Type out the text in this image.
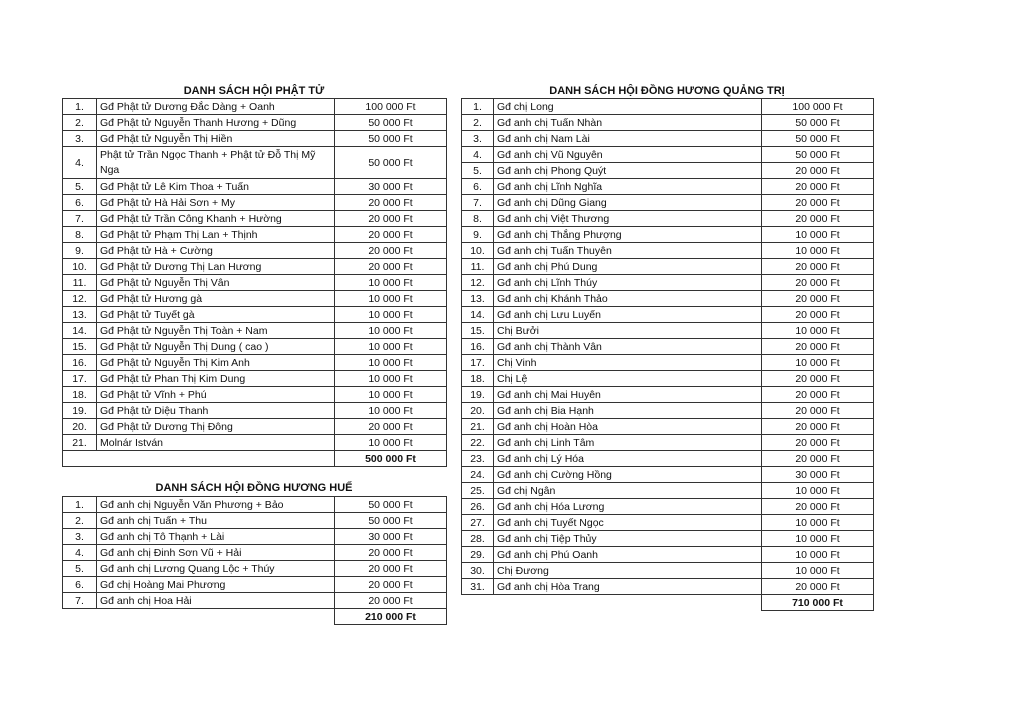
DANH SÁCH HỘI PHẬT TỬ
1.	Gđ Phật tử Dương Đắc Dàng + Oanh	100 000 Ft
2.	Gđ Phật tử Nguyễn Thanh Hương + Dũng	50 000 Ft
3.	Gđ Phật tử Nguyễn Thị Hiền	50 000 Ft
4.	Phật tử Trần Ngọc Thanh + Phật tử Đỗ Thị Mỹ Nga	50 000 Ft
5.	Gđ Phật tử Lê Kim Thoa + Tuấn	30 000 Ft
6.	Gđ Phật tử Hà Hải Sơn + My	20 000 Ft
7.	Gđ Phật tử Trần Công Khanh + Hường	20 000 Ft
8.	Gđ Phật tử Phạm Thị Lan + Thịnh	20 000 Ft
9.	Gđ Phật tử Hà + Cường	20 000 Ft
10.	Gđ Phật tử Dương Thị Lan Hương	20 000 Ft
11.	Gđ Phật tử Nguyễn Thị Vân	10 000 Ft
12.	Gđ Phật tử Hương gà	10 000 Ft
13.	Gđ Phật tử Tuyết gà	10 000 Ft
14.	Gđ Phật tử Nguyễn Thị Toàn + Nam	10 000 Ft
15.	Gđ Phật tử Nguyễn Thị Dung ( cao )	10 000 Ft
16.	Gđ Phật tử Nguyễn Thị Kim Anh	10 000 Ft
17.	Gđ Phật tử Phan Thị Kim Dung	10 000 Ft
18.	Gđ Phật tử Vĩnh + Phú	10 000 Ft
19.	Gđ Phật tử Diệu Thanh	10 000 Ft
20.	Gđ Phật tử Dương Thị Đông	20 000 Ft
21.	Molnár István	10 000 Ft
		500 000 Ft
DANH SÁCH HỘI ĐỒNG HƯƠNG HUẾ
1.	Gđ anh chị Nguyễn Văn Phương + Bảo	50 000 Ft
2.	Gđ anh chị Tuấn + Thu	50 000 Ft
3.	Gđ anh chị Tô Thạnh + Lài	30 000 Ft
4.	Gđ anh chị Đinh Sơn Vũ + Hải	20 000 Ft
5.	Gđ anh chị Lương Quang Lộc + Thúy	20 000 Ft
6.	Gđ chị Hoàng Mai Phương	20 000 Ft
7.	Gđ anh chị Hoa Hải	20 000 Ft
		210 000 Ft
DANH SÁCH HỘI ĐỒNG HƯƠNG QUẢNG TRỊ
1.	Gđ chị Long	100 000 Ft
2.	Gđ anh chị Tuấn Nhàn	50 000 Ft
3.	Gđ anh chị Nam Lài	50 000 Ft
4.	Gđ anh chị Vũ Nguyên	50 000 Ft
5.	Gđ anh chị Phong Quýt	20 000 Ft
6.	Gđ anh chị Lĩnh Nghĩa	20 000 Ft
7.	Gđ anh chị Dũng Giang	20 000 Ft
8.	Gđ anh chị Việt Thương	20 000 Ft
9.	Gđ anh chị Thắng Phượng	10 000 Ft
10.	Gđ anh chị Tuấn Thuyên	10 000 Ft
11.	Gđ anh chị Phú Dung	20 000 Ft
12.	Gđ anh chị Lĩnh Thúy	20 000 Ft
13.	Gđ anh chị Khánh Thảo	20 000 Ft
14.	Gđ anh chị Lưu Luyến	20 000 Ft
15.	Chị Bưởi	10 000 Ft
16.	Gđ anh chị Thành Vân	20 000 Ft
17.	Chị Vinh	10 000 Ft
18.	Chị Lệ	20 000 Ft
19.	Gđ anh chị Mai Huyên	20 000 Ft
20.	Gđ anh chị Bia Hạnh	20 000 Ft
21.	Gđ anh chị Hoàn Hòa	20 000 Ft
22.	Gđ anh chị Linh Tâm	20 000 Ft
23.	Gđ anh chị Lý Hóa	20 000 Ft
24.	Gđ anh chị Cường Hồng	30 000 Ft
25.	Gđ chị Ngân	10 000 Ft
26.	Gđ anh chị Hóa Lương	20 000 Ft
27.	Gđ anh chị Tuyết Ngọc	10 000 Ft
28.	Gđ anh chị Tiệp Thủy	10 000 Ft
29.	Gđ anh chị Phú Oanh	10 000 Ft
30.	Chị Đương	10 000 Ft
31.	Gđ anh chị Hòa Trang	20 000 Ft
		710 000 Ft
